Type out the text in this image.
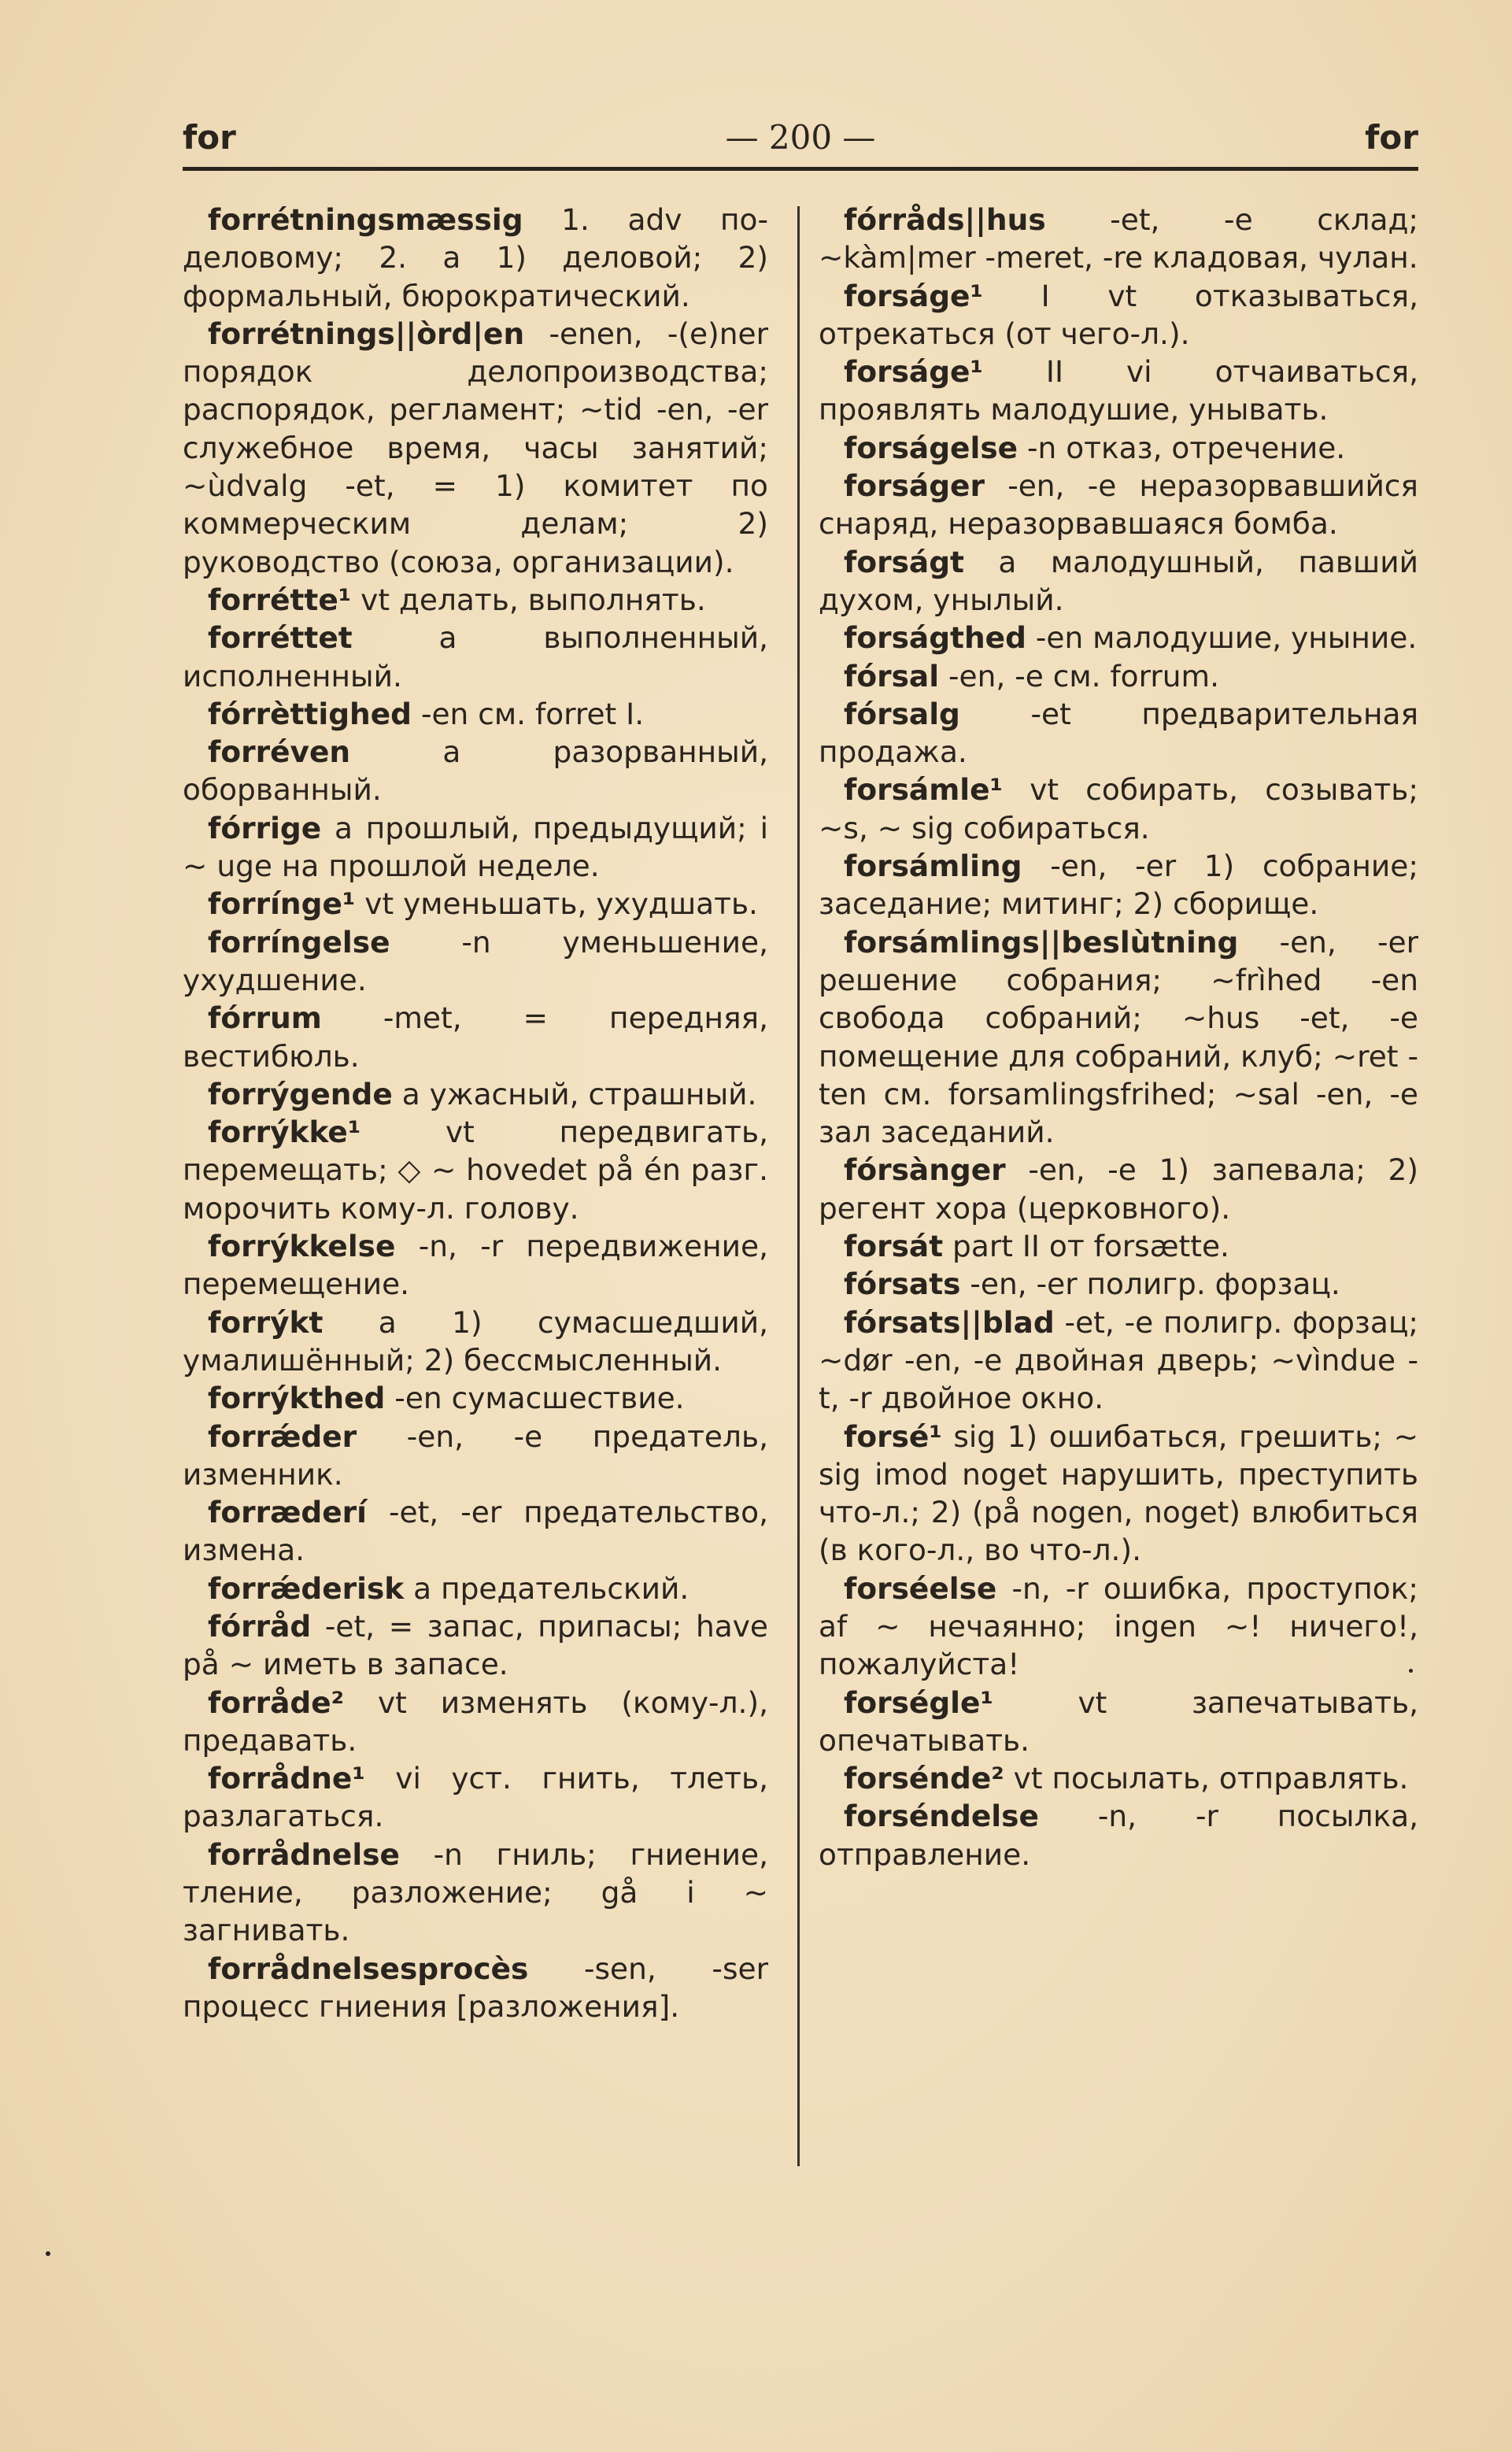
for	— 200 —	for

forrétningsmæssig 1. adv по-деловому; 2. a 1) деловой; 2) формальный, бюрократический.

forrétnings||òrd|en -enen, -(e)ner порядок делопроизводства; распорядок, регламент; ~tid -en, -er служебное время, часы занятий; ~ùdvalg -et, = 1) комитет по коммерческим делам; 2) руководство (союза, организации).

forrétte¹ vt делать, выполнять.

forréttet	a выполненный, исполненный.

fórrèttighed -en см. forret I.

forréven	a разорванный, оборванный.

fórrige a прошлый, предыдущий; i ~ uge на прошлой неделе.

forrínge¹ vt уменьшать, ухудшать.

forríngelse -n уменьшение, ухудшение.

fórrum -met, = передняя, вестибюль.

forrýgende a ужасный, страшный.

forrýkke¹	vt передвигать, перемещать; ◇ ~ hovedet på én разг. морочить кому-л. голову.

forrýkkelse -n, -r передвижение, перемещение.

forrýkt a 1) сумасшедший, умалишённый; 2) бессмысленный.

forrýkthed -en сумасшествие.

forrǽder -en, -e предатель, изменник.

forræderí -et, -er предательство, измена.

forrǽderisk a предательский.

fórråd -et, = запас, припасы; have på ~ иметь в запасе.

forråde² vt изменять (кому-л.), предавать.

forrådne¹ vi уст. гнить, тлеть, разлагаться.

forrådnelse -n гниль; гниение, тление, разложение; gå i ~ загнивать.

forrådnelsesprocès -sen, -ser процесс гниения [разложения].

fórråds||hus -et, -e склад; ~kàm|mer -meret, -re кладовая, чулан.

forságe¹ I vt отказываться, отрекаться (от чего-л.).

forságe¹ II vi отчаиваться, проявлять малодушие, унывать.

forságelse -n отказ, отречение.

forságer -en, -e неразорвавшийся снаряд, неразорвавшаяся бомба.

forságt a малодушный, павший духом, унылый.

forságthed -en малодушие, уныние.

fórsal -en, -e см. forrum.

fórsalg -et предварительная продажа.

forsámle¹ vt собирать, созывать; ~s, ~ sig собираться.

forsámling -en, -er 1) собрание; заседание; митинг; 2) сборище.

forsámlings||beslùtning -en, -er решение собрания; ~frìhed -en свобода собраний; ~hus -et, -e помещение для собраний, клуб; ~ret -ten см. forsamlingsfrihed; ~sal -en, -e зал заседаний.

fórsànger -en, -e 1) запевала; 2) регент хора (церковного).

forsát part II от forsætte.

fórsats -en, -er полигр. форзац.

fórsats||blad -et, -e полигр. форзац; ~dør -en, -e двойная дверь; ~vìndue -t, -r двойное окно.

forsé¹ sig 1) ошибаться, грешить; ~ sig imod noget нарушить, преступить что-л.; 2) (på nogen, noget) влюбиться (в кого-л., во что-л.).

forséelse -n, -r ошибка, проступок; af ~ нечаянно; ingen ~! ничего!, пожалуйста!

forségle¹	vt запечатывать, опечатывать.

forsénde² vt посылать, отправлять.

forséndelse -n, -r посылка, отправление.
